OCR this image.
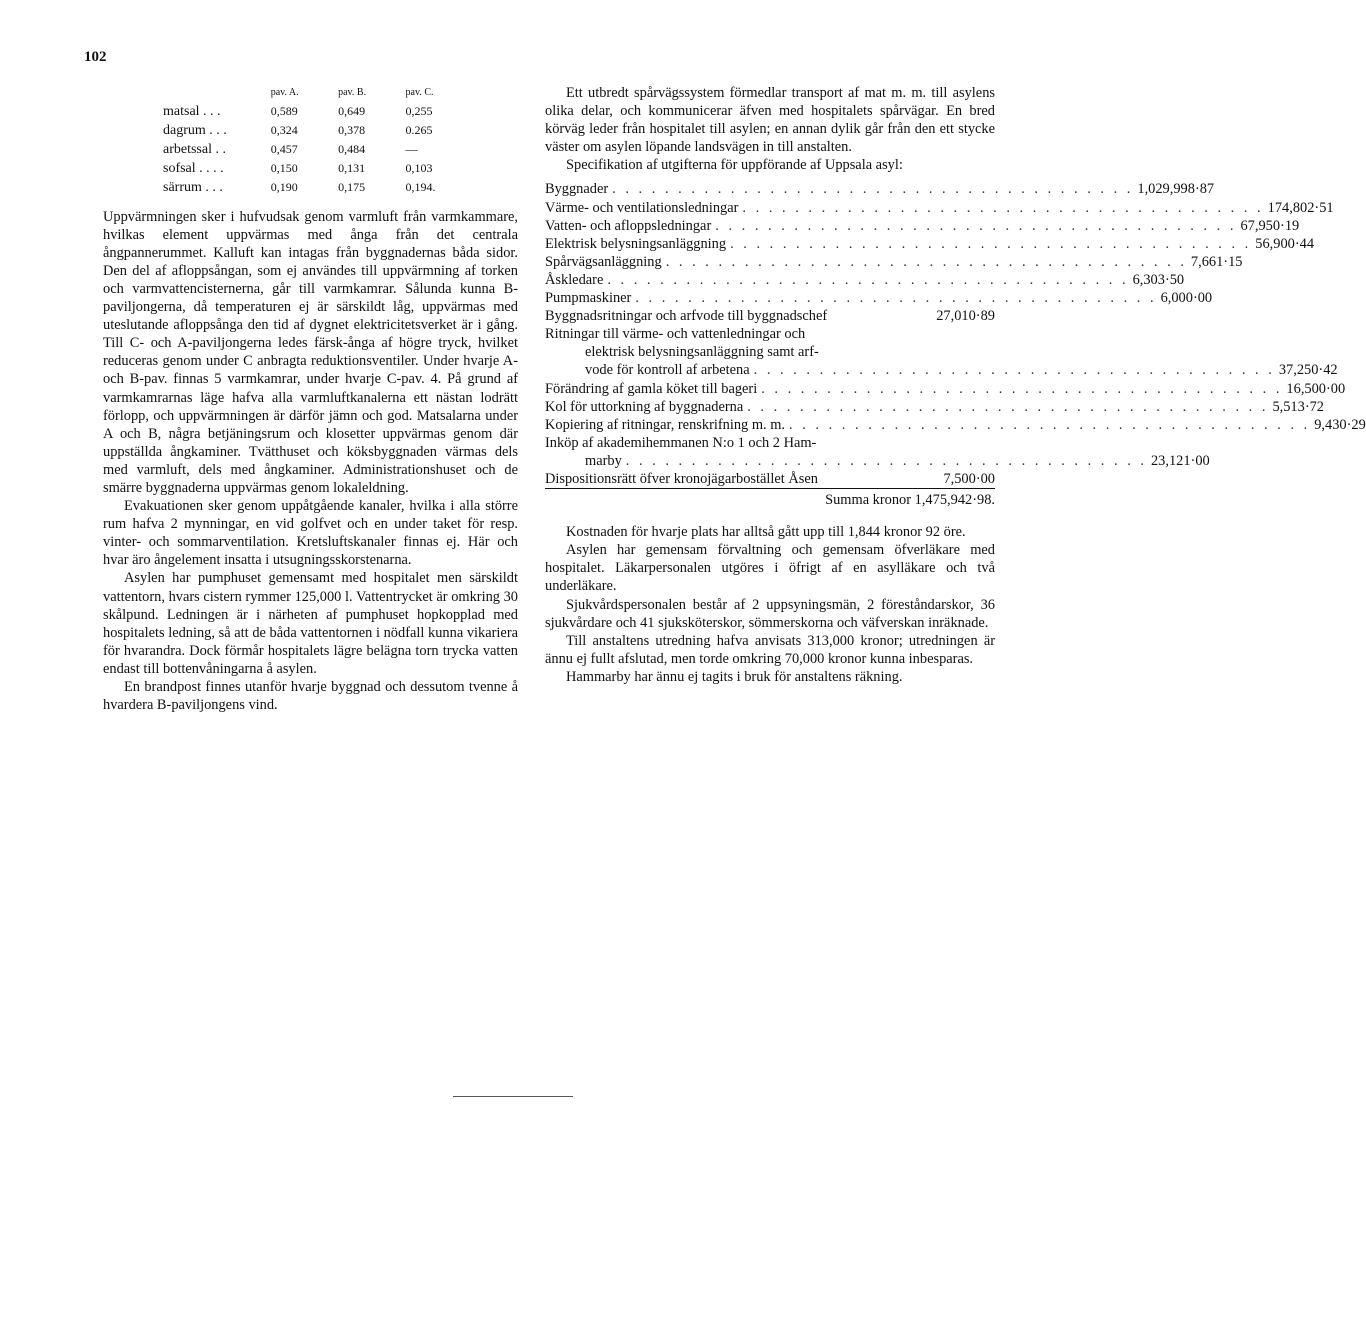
102
	pav. A.	pav. B.	pav. C.
matsal . . .	0,589	0,649	0,255
dagrum . . .	0,324	0,378	0.265
arbetssal . .	0,457	0,484	—
sofsal . . . .	0,150	0,131	0,103
särrum . . .	0,190	0,175	0,194.

Uppvärmningen sker i hufvudsak genom varmluft från varmkammare, hvilkas element uppvärmas med ånga från det centrala ångpannerummet. Kalluft kan intagas från byggnadernas båda sidor. Den del af afloppsångan, som ej användes till uppvärmning af torken och varmvattencisternerna, går till varmkamrar. Sålunda kunna B-paviljongerna, då temperaturen ej är särskildt låg, uppvärmas med uteslutande afloppsånga den tid af dygnet elektricitetsverket är i gång. Till C- och A-paviljongerna ledes färsk-ånga af högre tryck, hvilket reduceras genom under C anbragta reduktionsventiler. Under hvarje A- och B-pav. finnas 5 varmkamrar, under hvarje C-pav. 4. På grund af varmkamrarnas läge hafva alla varmluftkanalerna ett nästan lodrätt förlopp, och uppvärmningen är därför jämn och god. Matsalarna under A och B, några betjäningsrum och klosetter uppvärmas genom där uppställda ångkaminer. Tvätthuset och köksbyggnaden värmas dels med varmluft, dels med ångkaminer. Administrationshuset och de smärre byggnaderna uppvärmas genom lokaleldning.

Evakuationen sker genom uppåtgående kanaler, hvilka i alla större rum hafva 2 mynningar, en vid golfvet och en under taket för resp. vinter- och sommarventilation. Kretsluftskanaler finnas ej. Här och hvar äro ångelement insatta i utsugningsskorstenarna.

Asylen har pumphuset gemensamt med hospitalet men särskildt vattentorn, hvars cistern rymmer 125,000 l. Vattentrycket är omkring 30 skålpund. Ledningen är i närheten af pumphuset hopkopplad med hospitalets ledning, så att de båda vattentornen i nödfall kunna vikariera för hvarandra. Dock förmår hospitalets lägre belägna torn trycka vatten endast till bottenvåningarna å asylen.

En brandpost finnes utanför hvarje byggnad och dessutom tvenne å hvardera B-paviljongens vind.

Ett utbredt spårvägssystem förmedlar transport af mat m. m. till asylens olika delar, och kommunicerar äfven med hospitalets spårvägar. En bred körväg leder från hospitalet till asylen; en annan dylik går från den ett stycke väster om asylen löpande landsvägen in till anstalten.

Specifikation af utgifterna för uppförande af Uppsala asyl:

Byggnader . . . . . . . . . . . . . . . . . . . . . . . . . . . . . . . . . . . . . . . . 1,029,998·87
Värme- och ventilationsledningar . . . . . . . . . . . . . . . . . . . . . . . . . . . . . . . . . . . . . . . . 174,802·51
Vatten- och afloppsledningar . . . . . . . . . . . . . . . . . . . . . . . . . . . . . . . . . . . . . . . . 67,950·19
Elektrisk belysningsanläggning . . . . . . . . . . . . . . . . . . . . . . . . . . . . . . . . . . . . . . . . 56,900·44
Spårvägsanläggning . . . . . . . . . . . . . . . . . . . . . . . . . . . . . . . . . . . . . . . . 7,661·15
Åskledare . . . . . . . . . . . . . . . . . . . . . . . . . . . . . . . . . . . . . . . . 6,303·50
Pumpmaskiner . . . . . . . . . . . . . . . . . . . . . . . . . . . . . . . . . . . . . . . . 6,000·00
Byggnadsritningar och arfvode till byggnadschef	27,010·89
Ritningar till värme- och vattenledningar och
elektrisk belysningsanläggning samt arf-
vode för kontroll af arbetena . . . . . . . . . . . . . . . . . . . . . . . . . . . . . . . . . . . . . . . . 37,250·42
Förändring af gamla köket till bageri . . . . . . . . . . . . . . . . . . . . . . . . . . . . . . . . . . . . . . . . 16,500·00
Kol för uttorkning af byggnaderna . . . . . . . . . . . . . . . . . . . . . . . . . . . . . . . . . . . . . . . . 5,513·72
Kopiering af ritningar, renskrifning m. m. . . . . . . . . . . . . . . . . . . . . . . . . . . . . . . . . . . . . . . . . 9,430·29
Inköp af akademihemmanen N:o 1 och 2 Ham-
marby . . . . . . . . . . . . . . . . . . . . . . . . . . . . . . . . . . . . . . . . 23,121·00
Dispositionsrätt öfver kronojägarbostället Åsen	7,500·00
Summa kronor 1,475,942·98.

Kostnaden för hvarje plats har alltså gått upp till 1,844 kronor 92 öre.

Asylen har gemensam förvaltning och gemensam öfverläkare med hospitalet. Läkarpersonalen utgöres i öfrigt af en asylläkare och två underläkare.

Sjukvårdspersonalen består af 2 uppsyningsmän, 2 föreståndarskor, 36 sjukvårdare och 41 sjuksköterskor, sömmerskorna och väfverskan inräknade.

Till anstaltens utredning hafva anvisats 313,000 kronor; utredningen är ännu ej fullt afslutad, men torde omkring 70,000 kronor kunna inbesparas.

Hammarby har ännu ej tagits i bruk för anstaltens räkning.
